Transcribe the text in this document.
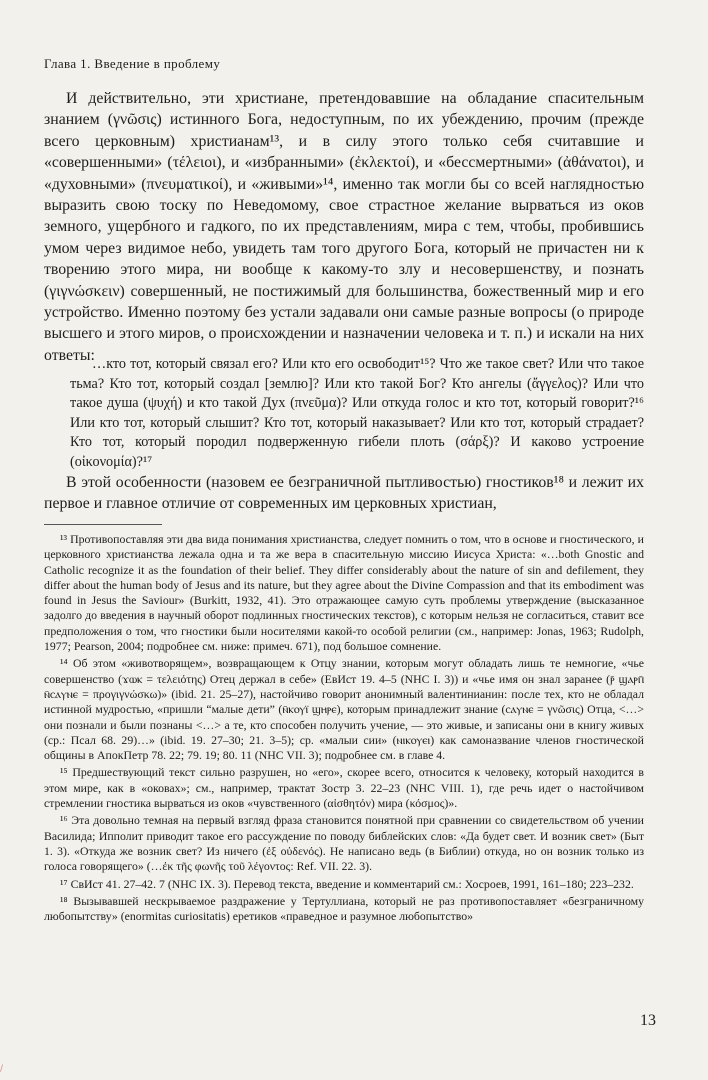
Глава 1. Введение в проблему

И действительно, эти христиане, претендовавшие на обладание спасительным знанием (γνῶσις) истинного Бога, недоступным, по их убеждению, прочим (прежде всего церковным) христианам¹³, и в силу этого только себя считавшие и «совершенными» (τέλειοι), и «избранными» (ἐκλεκτοί), и «бессмертными» (ἀθάνατοι), и «духовными» (πνευματικοί), и «живыми»¹⁴, именно так могли бы со всей наглядностью выразить свою тоску по Неведомому, свое страстное желание вырваться из оков земного, ущербного и гадкого, по их представлениям, мира с тем, чтобы, пробившись умом через видимое небо, увидеть там того другого Бога, который не причастен ни к творению этого мира, ни вообще к какому-то злу и несовершенству, и познать (γιγνώσκειν) совершенный, не постижимый для большинства, божественный мир и его устройство. Именно поэтому без устали задавали они самые разные вопросы (о природе высшего и этого миров, о происхождении и назначении человека и т. п.) и искали на них ответы:

…кто тот, который связал его? Или кто его освободит¹⁵? Что же такое свет? Или что такое тьма? Кто тот, который создал [землю]? Или кто такой Бог? Кто ангелы (ἄγγελος)? Или что такое душа (ψυχή) и кто такой Дух (πνεῦμα)? Или откуда голос и кто тот, который говорит?¹⁶ Или кто тот, который слышит? Кто тот, который наказывает? Или кто тот, который страдает? Кто тот, который породил подверженную гибели плоть (σάρξ)? И каково устроение (οἰκονομία)?¹⁷

В этой особенности (назовем ее безграничной пытливостью) гностиков¹⁸ и лежит их первое и главное отличие от современных им церковных христиан,

¹³ Противопоставляя эти два вида понимания христианства, следует помнить о том, что в основе и гностического, и церковного христианства лежала одна и та же вера в спасительную миссию Иисуса Христа: «…both Gnostic and Catholic recognize it as the foundation of their belief. They differ considerably about the nature of sin and defilement, they differ about the human body of Jesus and its nature, but they agree about the Divine Compassion and that its embodiment was found in Jesus the Saviour» (Burkitt, 1932, 41). Это отражающее самую суть проблемы утверждение (высказанное задолго до введения в научный оборот подлинных гностических текстов), с которым нельзя не согласиться, ставит все предположения о том, что гностики были носителями какой-то особой религии (см., например: Jonas, 1963; Rudolph, 1977; Pearson, 2004; подробнее см. ниже: примеч. 671), под большое сомнение.

¹⁴ Об этом «животворящем», возвращающем к Отцу знании, которым могут обладать лишь те немногие, «чье совершенство (ϫⲱⲕ = τελειότης) Отец держал в себе» (ЕвИст 19. 4–5 (NHC I. 3)) и «чье имя он знал заранее (ⲣ̄ ϣⲁⲣⲡ̄ ⲛ̄ⲥⲁⲩⲛⲉ = προγιγνώσκω)» (ibid. 21. 25–27), настойчиво говорит анонимный валентинианин: после тех, кто не обладал истинной мудростью, «пришли “малые дети” (ⲛ̄ⲕⲟⲩⲓ̈ ϣⲏⲣⲉ), которым принадлежит знание (ⲥⲁⲩⲛⲉ = γνῶσις) Отца, <…> они познали и были познаны <…> а те, кто способен получить учение, — это живые, и записаны они в книгу живых (ср.: Псал 68. 29)…» (ibid. 19. 27–30; 21. 3–5); ср. «малыи сии» (ⲛⲓⲕⲟⲩⲉⲓ) как самоназвание членов гностической общины в АпокПетр 78. 22; 79. 19; 80. 11 (NHC VII. 3); подробнее см. в главе 4.

¹⁵ Предшествующий текст сильно разрушен, но «его», скорее всего, относится к человеку, который находится в этом мире, как в «оковах»; см., например, трактат Зостр 3. 22–23 (NHC VIII. 1), где речь идет о настойчивом стремлении гностика вырваться из оков «чувственного (αἰσθητόν) мира (κόσμος)».

¹⁶ Эта довольно темная на первый взгляд фраза становится понятной при сравнении со свидетельством об учении Василида; Ипполит приводит такое его рассуждение по поводу библейских слов: «Да будет свет. И возник свет» (Быт 1. 3). «Откуда же возник свет? Из ничего (ἐξ οὐδενός). Не написано ведь (в Библии) откуда, но он возник только из голоса говорящего» (…ἐκ τῆς φωνῆς τοῦ λέγοντος: Ref. VII. 22. 3).

¹⁷ СвИст 41. 27–42. 7 (NHC IX. 3). Перевод текста, введение и комментарий см.: Хосроев, 1991, 161–180; 223–232.

¹⁸ Вызывавшей нескрываемое раздражение у Тертуллиана, который не раз противопоставляет «безграничному любопытству» (enormitas curiositatis) еретиков «праведное и разумное любопытство»

13
/
